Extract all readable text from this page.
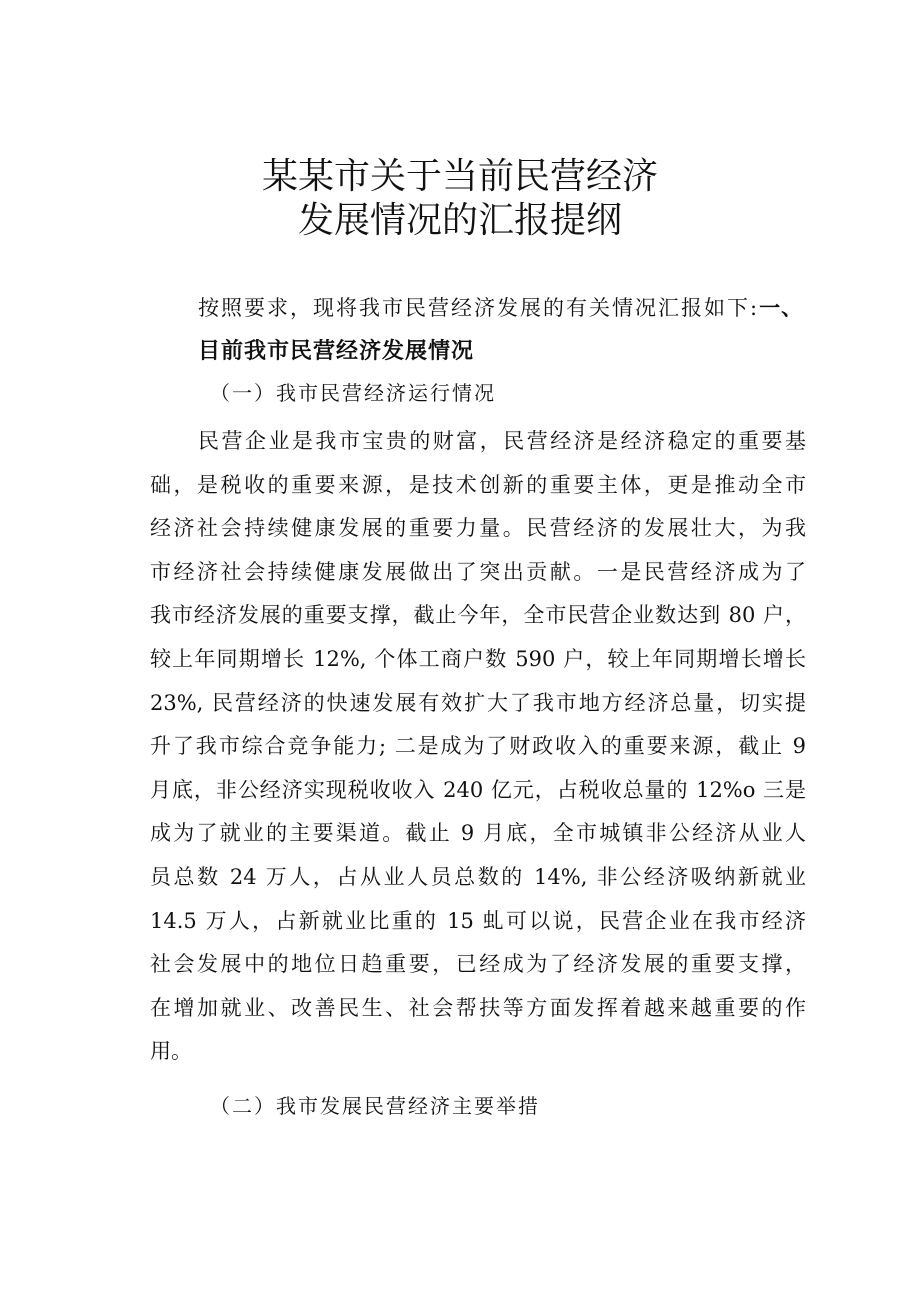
某某市关于当前民营经济
发展情况的汇报提纲
按照要求，现将我市民营经济发展的有关情况汇报如下:一、
目前我市民营经济发展情况
（一）我市民营经济运行情况
民营企业是我市宝贵的财富，民营经济是经济稳定的重要基
础，是税收的重要来源，是技术创新的重要主体，更是推动全市
经济社会持续健康发展的重要力量。民营经济的发展壮大，为我
市经济社会持续健康发展做出了突出贡献。一是民营经济成为了
我市经济发展的重要支撑，截止今年，全市民营企业数达到 80 户，
较上年同期增长 12%, 个体工商户数 590 户，较上年同期增长增长
23%, 民营经济的快速发展有效扩大了我市地方经济总量，切实提
升了我市综合竞争能力; 二是成为了财政收入的重要来源，截止 9
月底，非公经济实现税收收入 240 亿元，占税收总量的 12%o 三是
成为了就业的主要渠道。截止 9 月底，全市城镇非公经济从业人
员总数 24 万人，占从业人员总数的 14%, 非公经济吸纳新就业
14.5 万人，占新就业比重的 15 虬可以说，民营企业在我市经济
社会发展中的地位日趋重要，已经成为了经济发展的重要支撑，
在增加就业、改善民生、社会帮扶等方面发挥着越来越重要的作
用。
（二）我市发展民营经济主要举措
